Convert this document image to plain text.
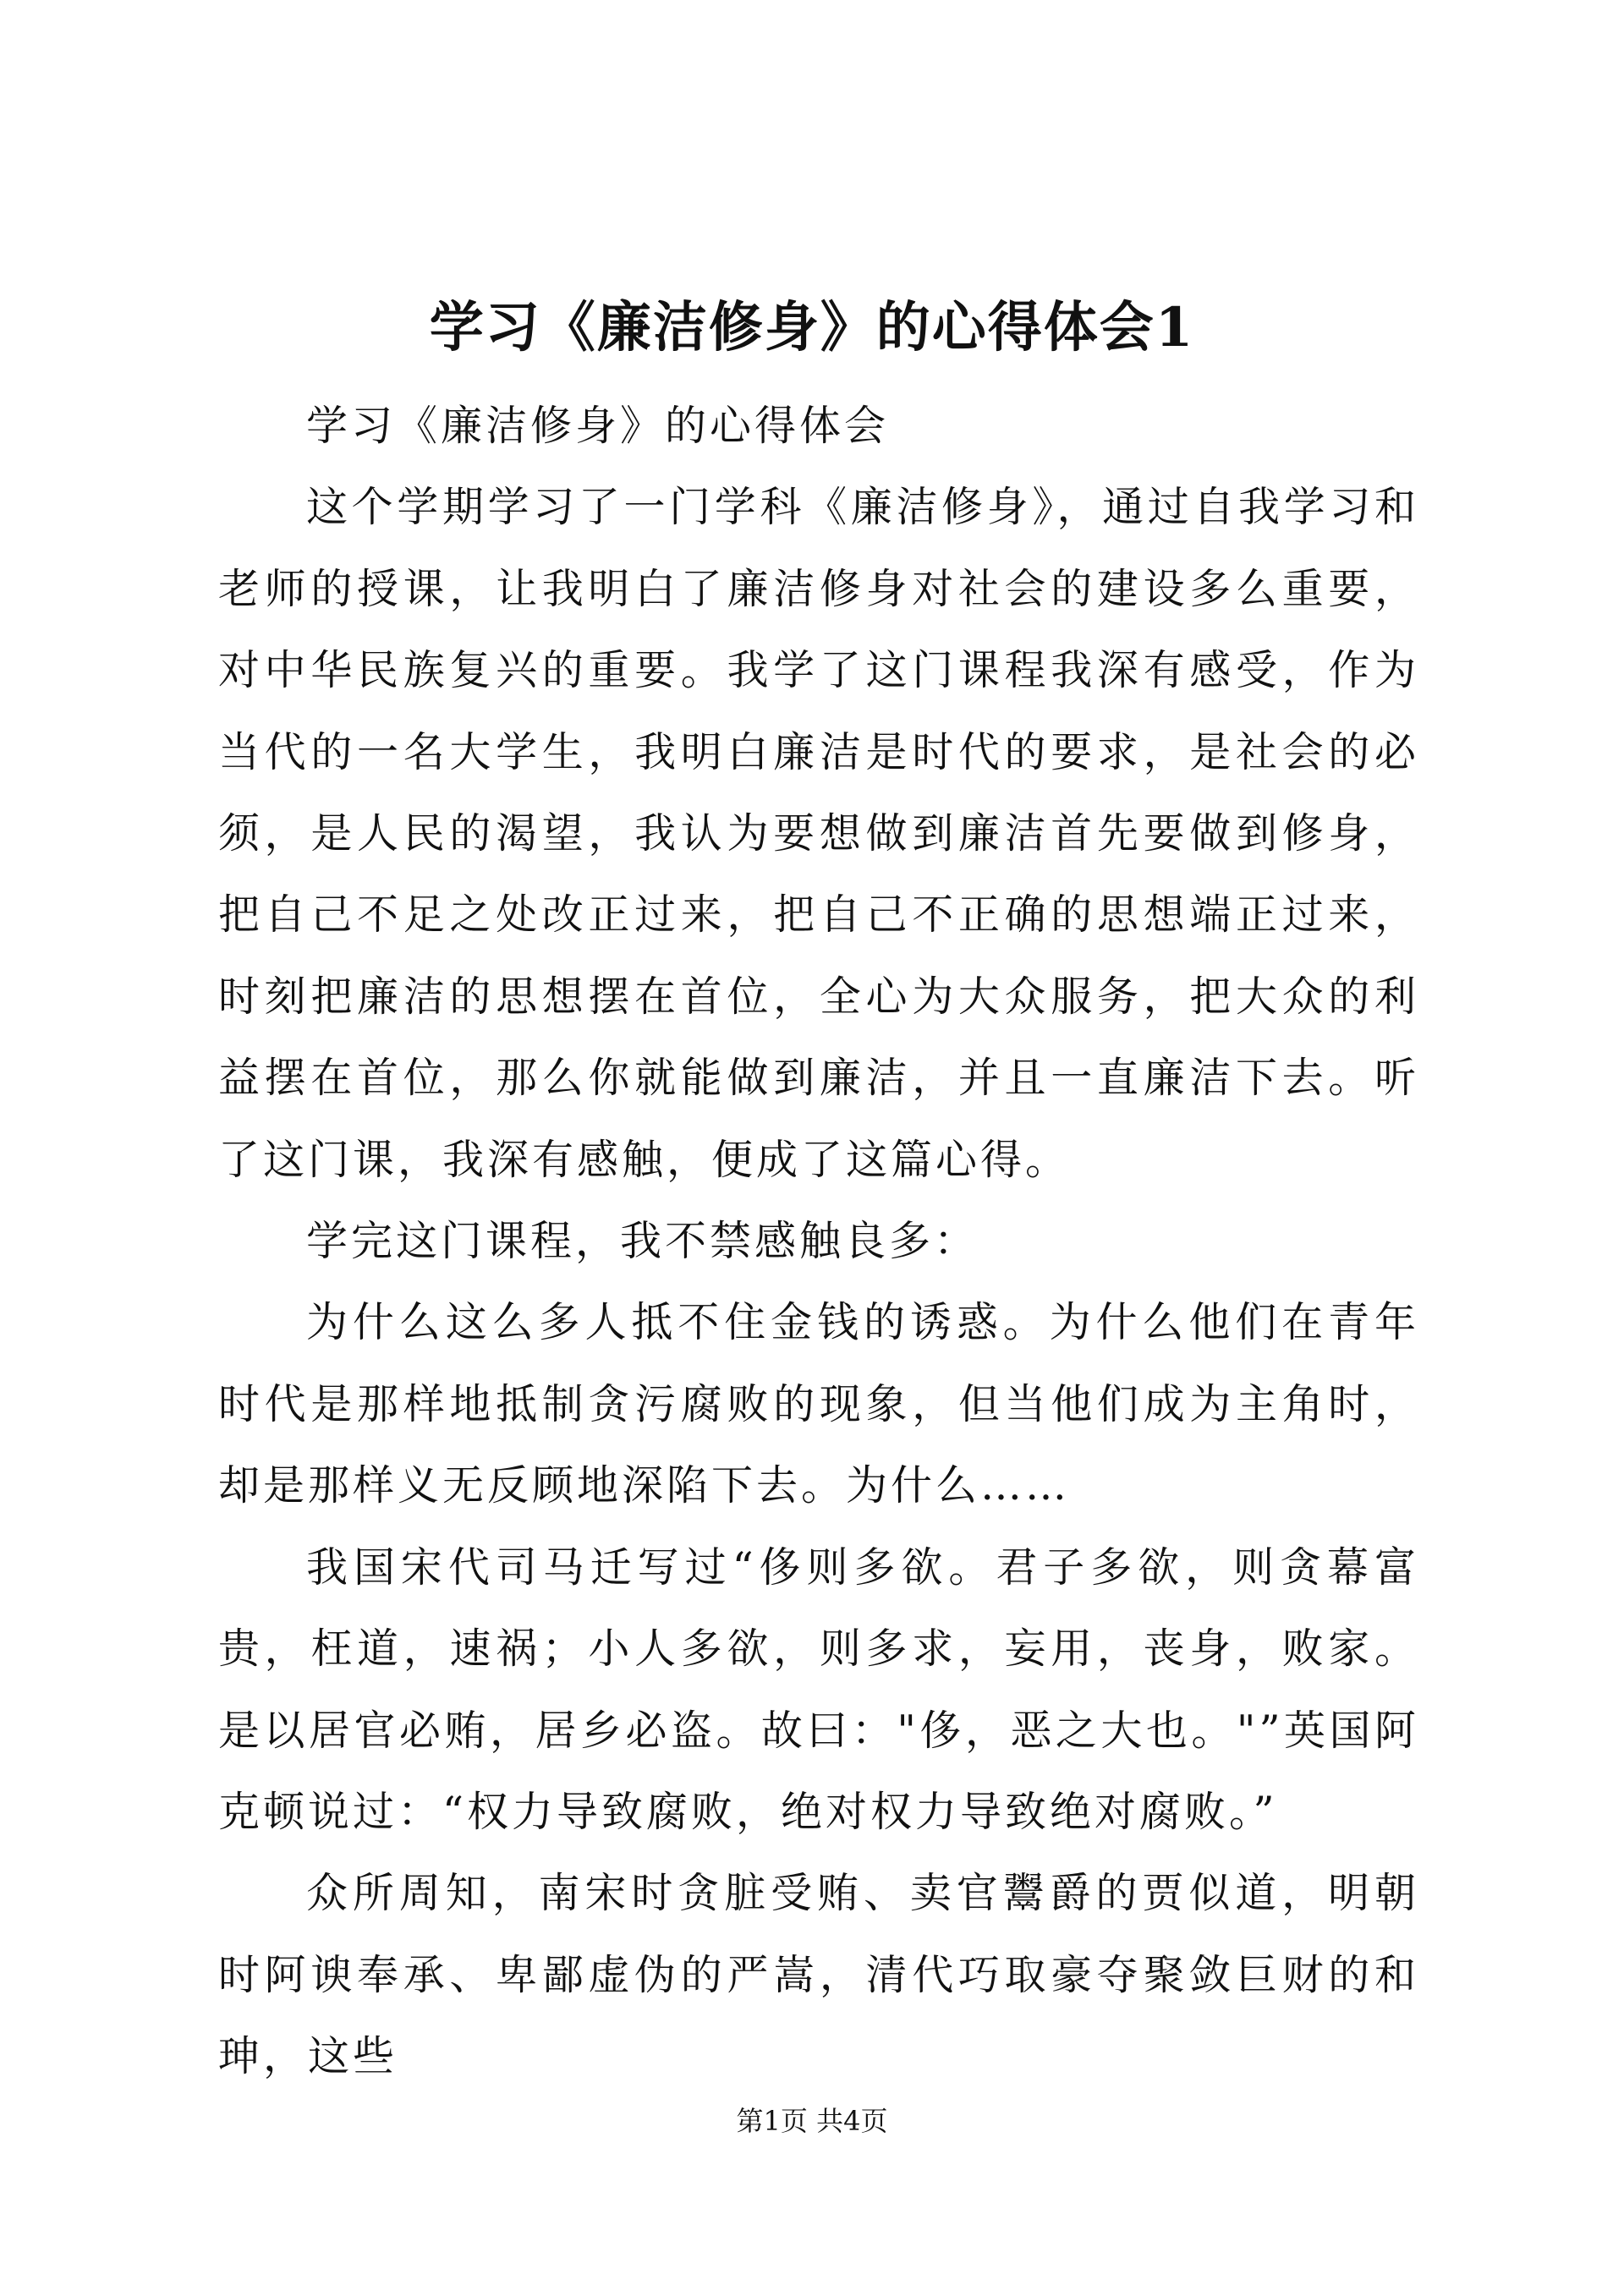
学习《廉洁修身》的心得体会1

学习《廉洁修身》的心得体会

这个学期学习了一门学科《廉洁修身》，通过自我学习和老师的授课，让我明白了廉洁修身对社会的建设多么重要，对中华民族复兴的重要。我学了这门课程我深有感受，作为当代的一名大学生，我明白廉洁是时代的要求，是社会的必须，是人民的渴望，我认为要想做到廉洁首先要做到修身，把自己不足之处改正过来，把自己不正确的思想端正过来，时刻把廉洁的思想摆在首位，全心为大众服务，把大众的利益摆在首位，那么你就能做到廉洁，并且一直廉洁下去。听了这门课，我深有感触，便成了这篇心得。

学完这门课程，我不禁感触良多：

为什么这么多人抵不住金钱的诱惑。为什么他们在青年时代是那样地抵制贪污腐败的现象，但当他们成为主角时，却是那样义无反顾地深陷下去。为什么……

我国宋代司马迁写过“侈则多欲。君子多欲，则贪幕富贵，枉道，速祸；小人多欲，则多求，妄用，丧身，败家。是以居官必贿，居乡必盗。故曰："侈，恶之大也。"”英国阿克顿说过：“权力导致腐败，绝对权力导致绝对腐败。”

众所周知，南宋时贪脏受贿、卖官鬻爵的贾似道，明朝时阿谀奉承、卑鄙虚伪的严嵩，清代巧取豪夺聚敛巨财的和珅，这些

第1页 共4页
